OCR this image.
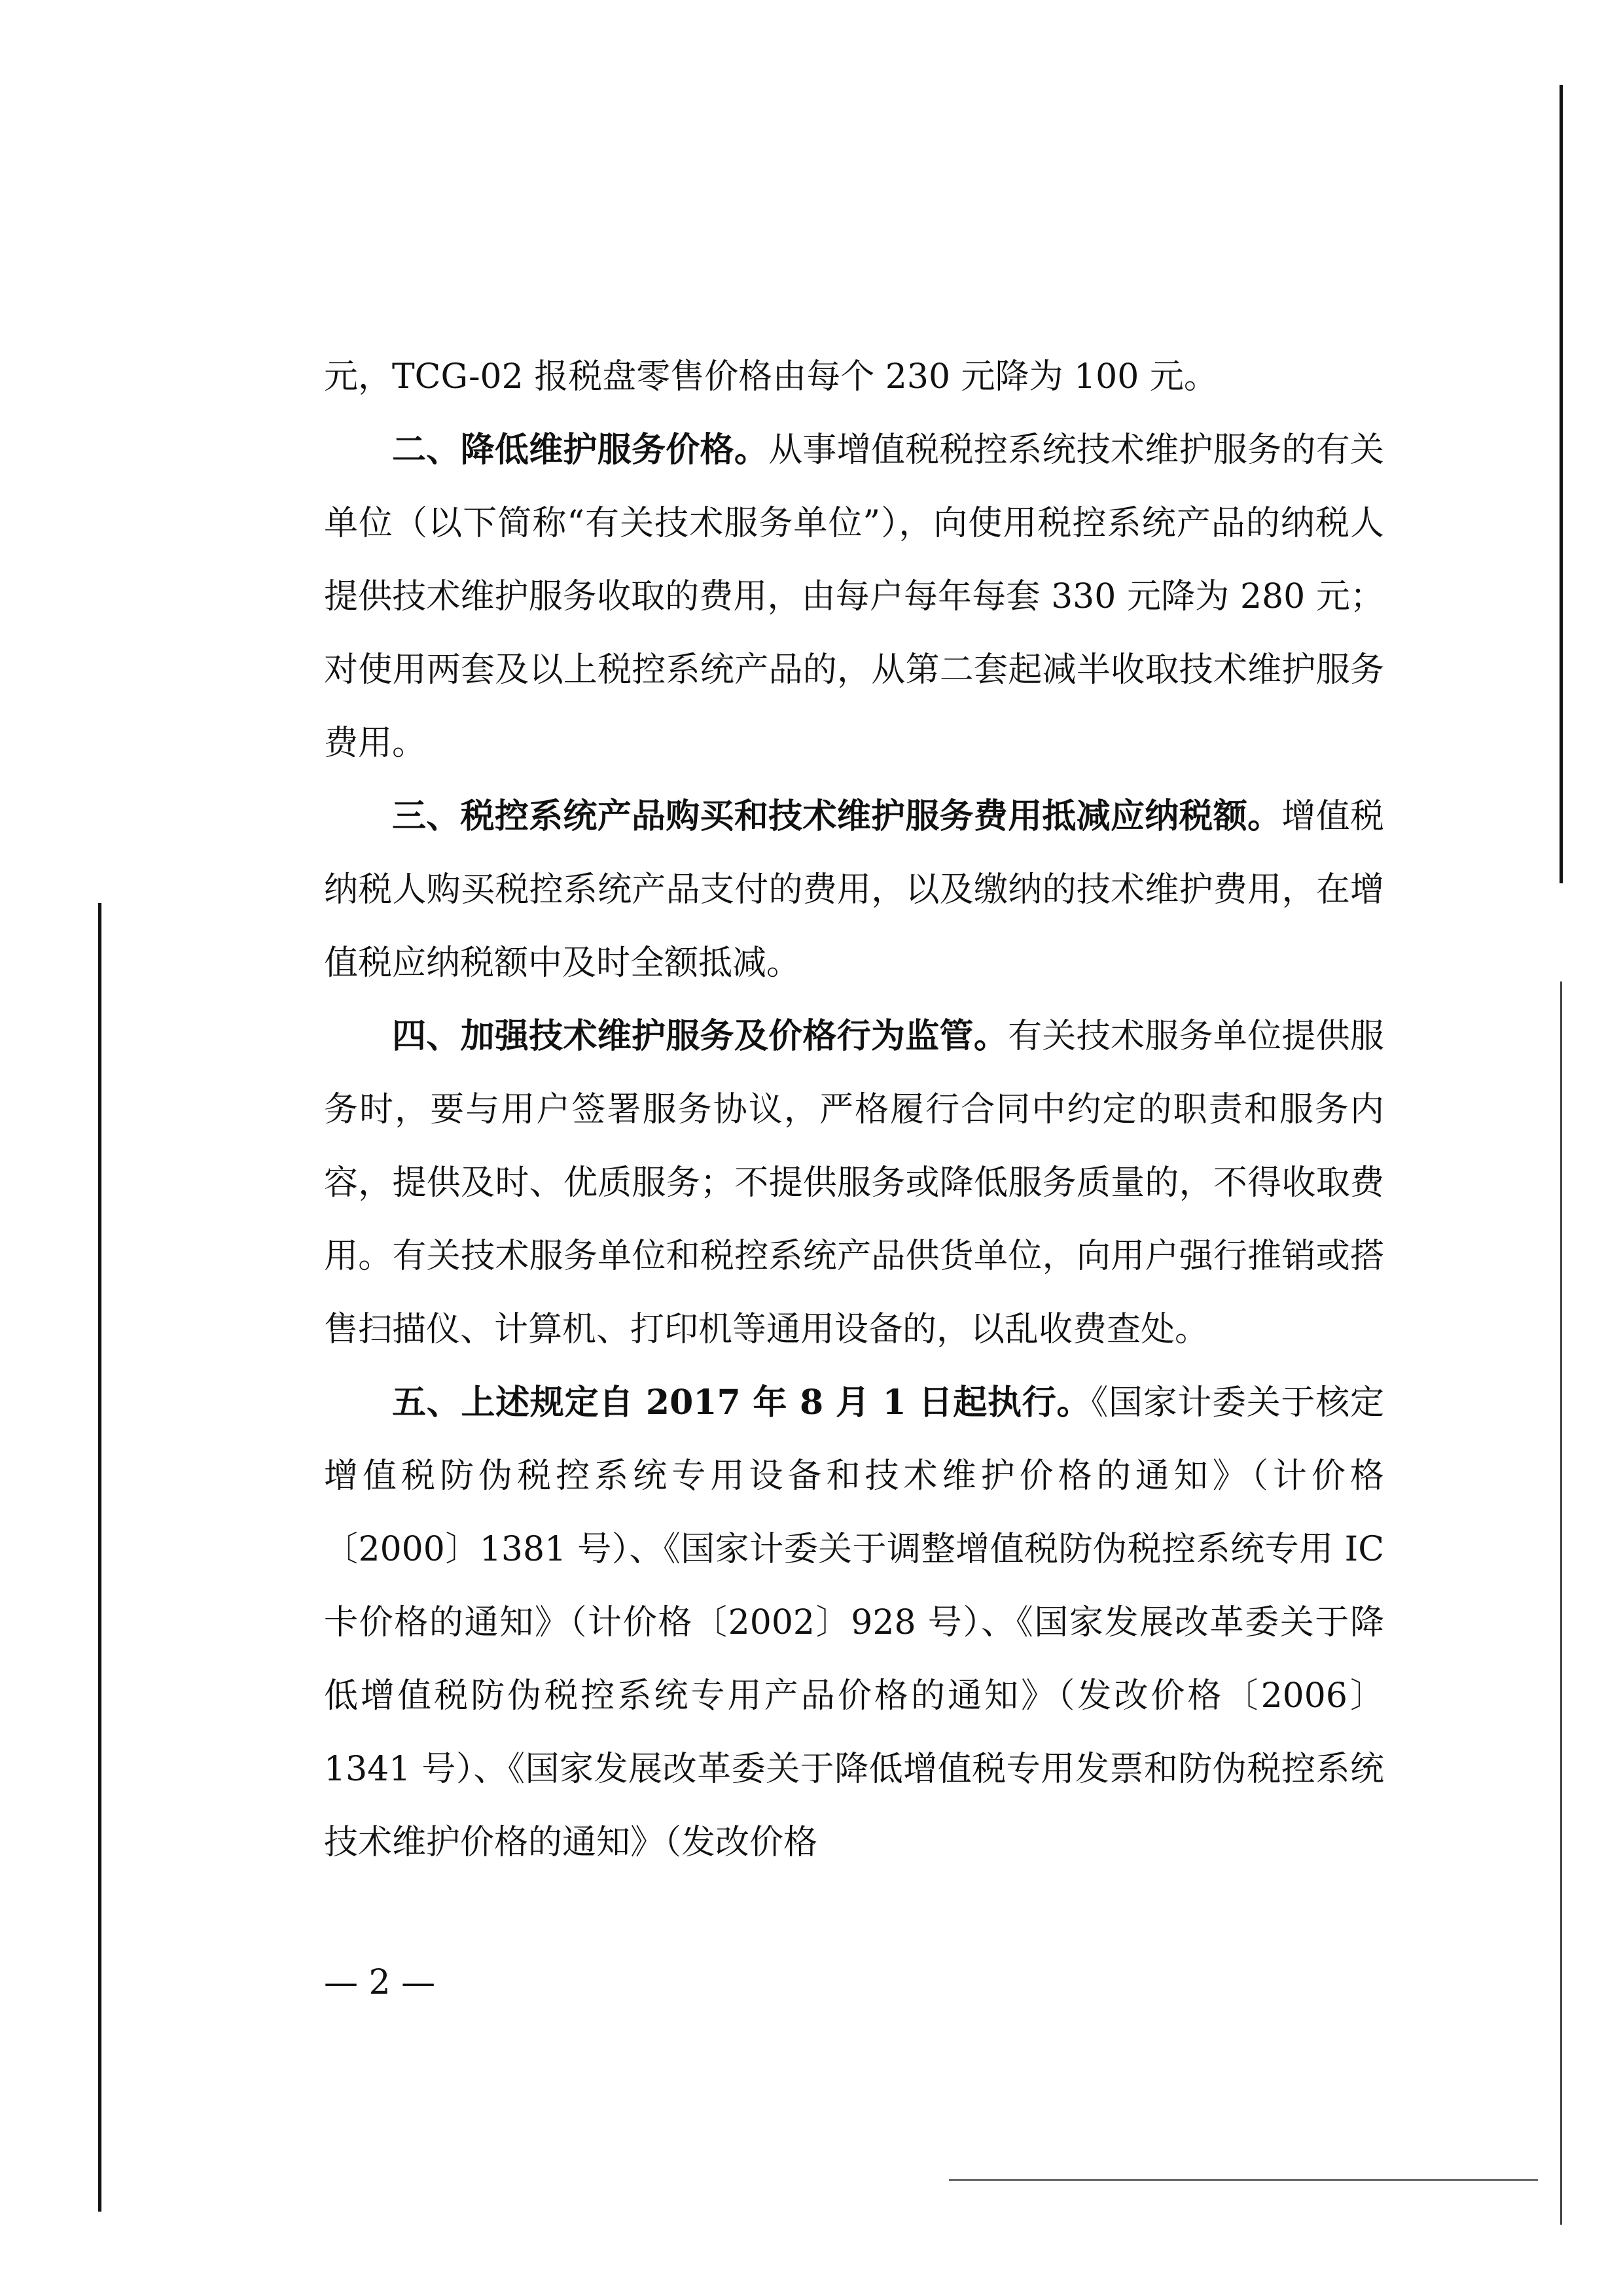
元，TCG-02 报税盘零售价格由每个 230 元降为 100 元。

二、降低维护服务价格。从事增值税税控系统技术维护服务的有关单位（以下简称“有关技术服务单位”），向使用税控系统产品的纳税人提供技术维护服务收取的费用，由每户每年每套 330 元降为 280 元；对使用两套及以上税控系统产品的，从第二套起减半收取技术维护服务费用。

三、税控系统产品购买和技术维护服务费用抵减应纳税额。增值税纳税人购买税控系统产品支付的费用，以及缴纳的技术维护费用，在增值税应纳税额中及时全额抵减。

四、加强技术维护服务及价格行为监管。有关技术服务单位提供服务时，要与用户签署服务协议，严格履行合同中约定的职责和服务内容，提供及时、优质服务；不提供服务或降低服务质量的，不得收取费用。有关技术服务单位和税控系统产品供货单位，向用户强行推销或搭售扫描仪、计算机、打印机等通用设备的，以乱收费查处。

五、上述规定自 2017 年 8 月 1 日起执行。《国家计委关于核定增值税防伪税控系统专用设备和技术维护价格的通知》（计价格〔2000〕1381 号）、《国家计委关于调整增值税防伪税控系统专用 IC 卡价格的通知》（计价格〔2002〕928 号）、《国家发展改革委关于降低增值税防伪税控系统专用产品价格的通知》（发改价格〔2006〕1341 号）、《国家发展改革委关于降低增值税专用发票和防伪税控系统技术维护价格的通知》（发改价格

— 2 —
